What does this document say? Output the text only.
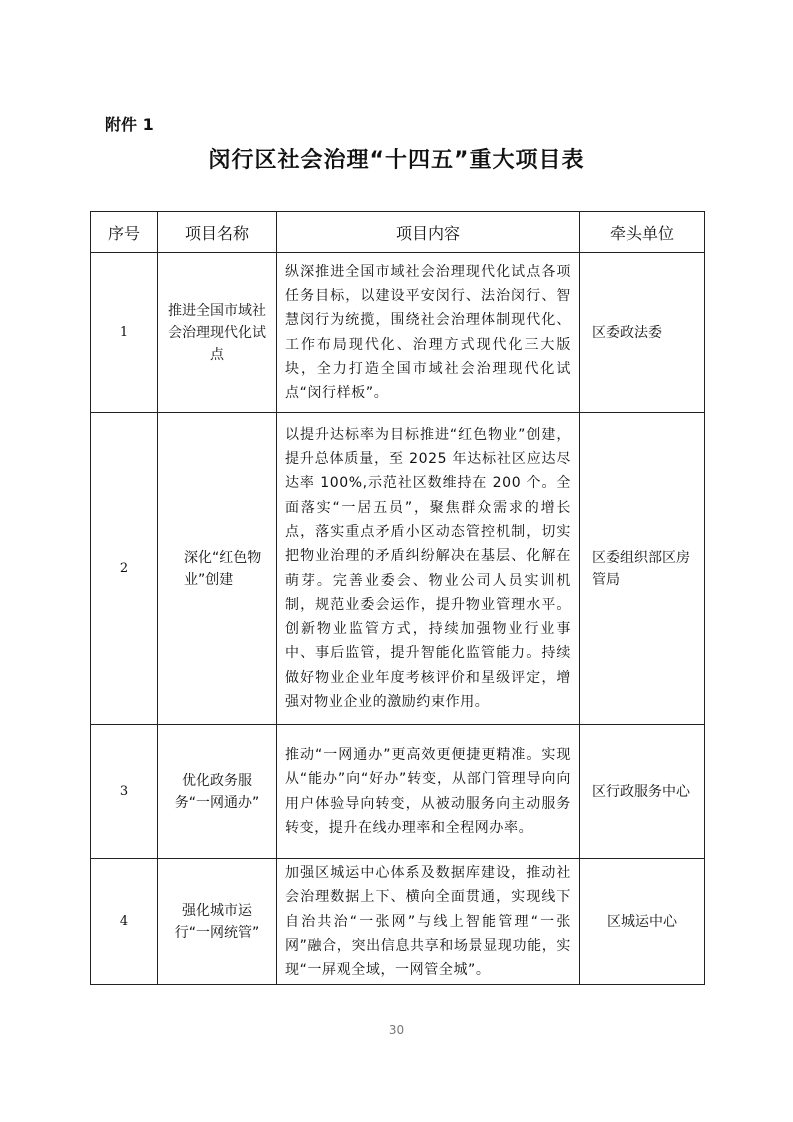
附件 1
闵行区社会治理“十四五”重大项目表
序号	项目名称	项目内容	牵头单位
1	推进全国市域社会治理现代化试点	纵深推进全国市域社会治理现代化试点各项任务目标，以建设平安闵行、法治闵行、智慧闵行为统揽，围绕社会治理体制现代化、工作布局现代化、治理方式现代化三大版块，全力打造全国市域社会治理现代化试点“闵行样板”。	区委政法委
2	深化“红色物业”创建	以提升达标率为目标推进“红色物业”创建，提升总体质量，至 2025 年达标社区应达尽达率 100%,示范社区数维持在 200 个。全面落实“一居五员”，聚焦群众需求的增长点，落实重点矛盾小区动态管控机制，切实把物业治理的矛盾纠纷解决在基层、化解在萌芽。完善业委会、物业公司人员实训机制，规范业委会运作，提升物业管理水平。创新物业监管方式，持续加强物业行业事中、事后监管，提升智能化监管能力。持续做好物业企业年度考核评价和星级评定，增强对物业企业的激励约束作用。	区委组织部区房管局
3	优化政务服务“一网通办”	推动“一网通办”更高效更便捷更精准。实现从“能办”向“好办”转变，从部门管理导向向用户体验导向转变，从被动服务向主动服务转变，提升在线办理率和全程网办率。	区行政服务中心
4	强化城市运行“一网统管”	加强区城运中心体系及数据库建设，推动社会治理数据上下、横向全面贯通，实现线下自治共治“一张网”与线上智能管理“一张网”融合，突出信息共享和场景显现功能，实现“一屏观全域，一网管全城”。	区城运中心
30
